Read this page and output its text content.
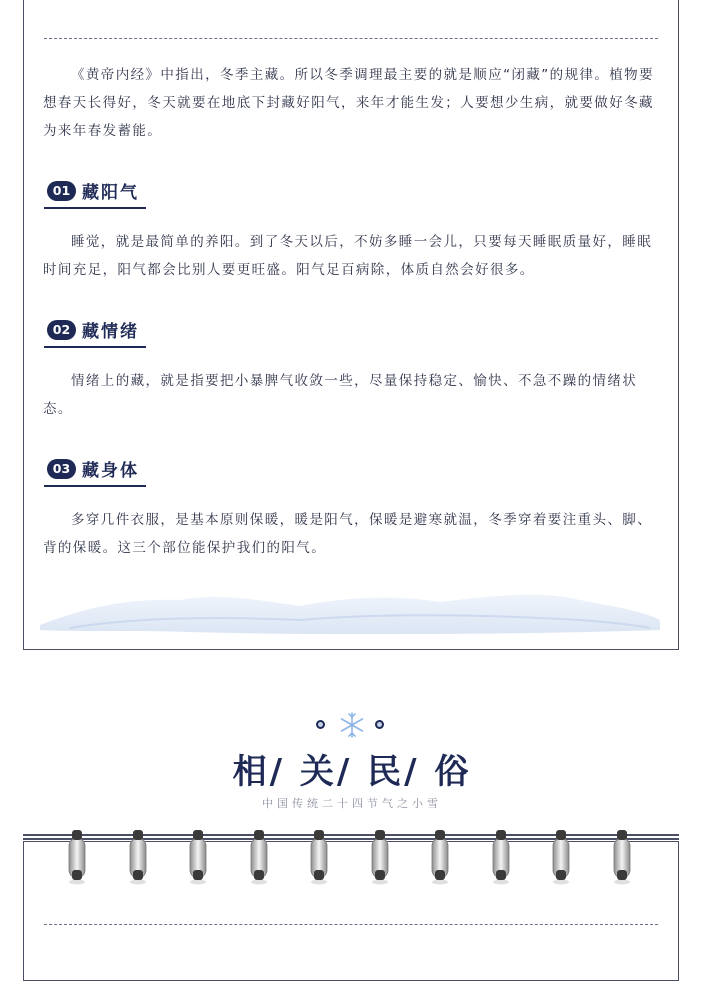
《黄帝内经》中指出，冬季主藏。所以冬季调理最主要的就是顺应“闭藏”的规律。植物要想春天长得好，冬天就要在地底下封藏好阳气，来年才能生发；人要想少生病，就要做好冬藏为来年春发蓄能。

01 藏阳气

睡觉，就是最简单的养阳。到了冬天以后，不妨多睡一会儿，只要每天睡眠质量好，睡眠时间充足，阳气都会比别人要更旺盛。阳气足百病除，体质自然会好很多。

02 藏情绪

情绪上的藏，就是指要把小暴脾气收敛一些，尽量保持稳定、愉快、不急不躁的情绪状态。

03 藏身体

多穿几件衣服，是基本原则保暖，暖是阳气，保暖是避寒就温，冬季穿着要注重头、脚、背的保暖。这三个部位能保护我们的阳气。

相/ 关/ 民/ 俗
中国传统二十四节气之小雪
